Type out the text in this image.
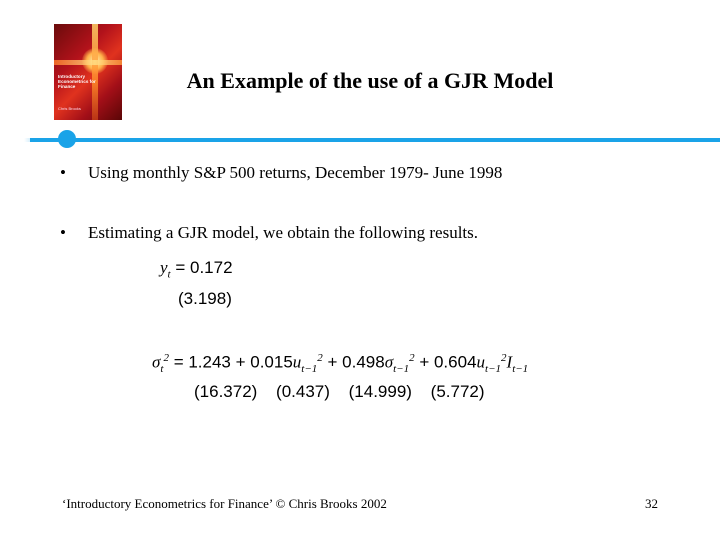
Introductory Econometrics for Finance
Chris Brooks
An Example of the use of a GJR Model
• Using monthly S&P 500 returns, December 1979- June 1998
• Estimating a GJR model, we obtain the following results.
$y_t = 0.172$
(3.198)
$\sigma_t^2 = 1.243 + 0.015u_{t-1}^2 + 0.498\sigma_{t-1}^2 + 0.604u_{t-1}^2I_{t-1}$
(16.372) (0.437) (14.999) (5.772)
‘Introductory Econometrics for Finance’ © Chris Brooks 2002	32
